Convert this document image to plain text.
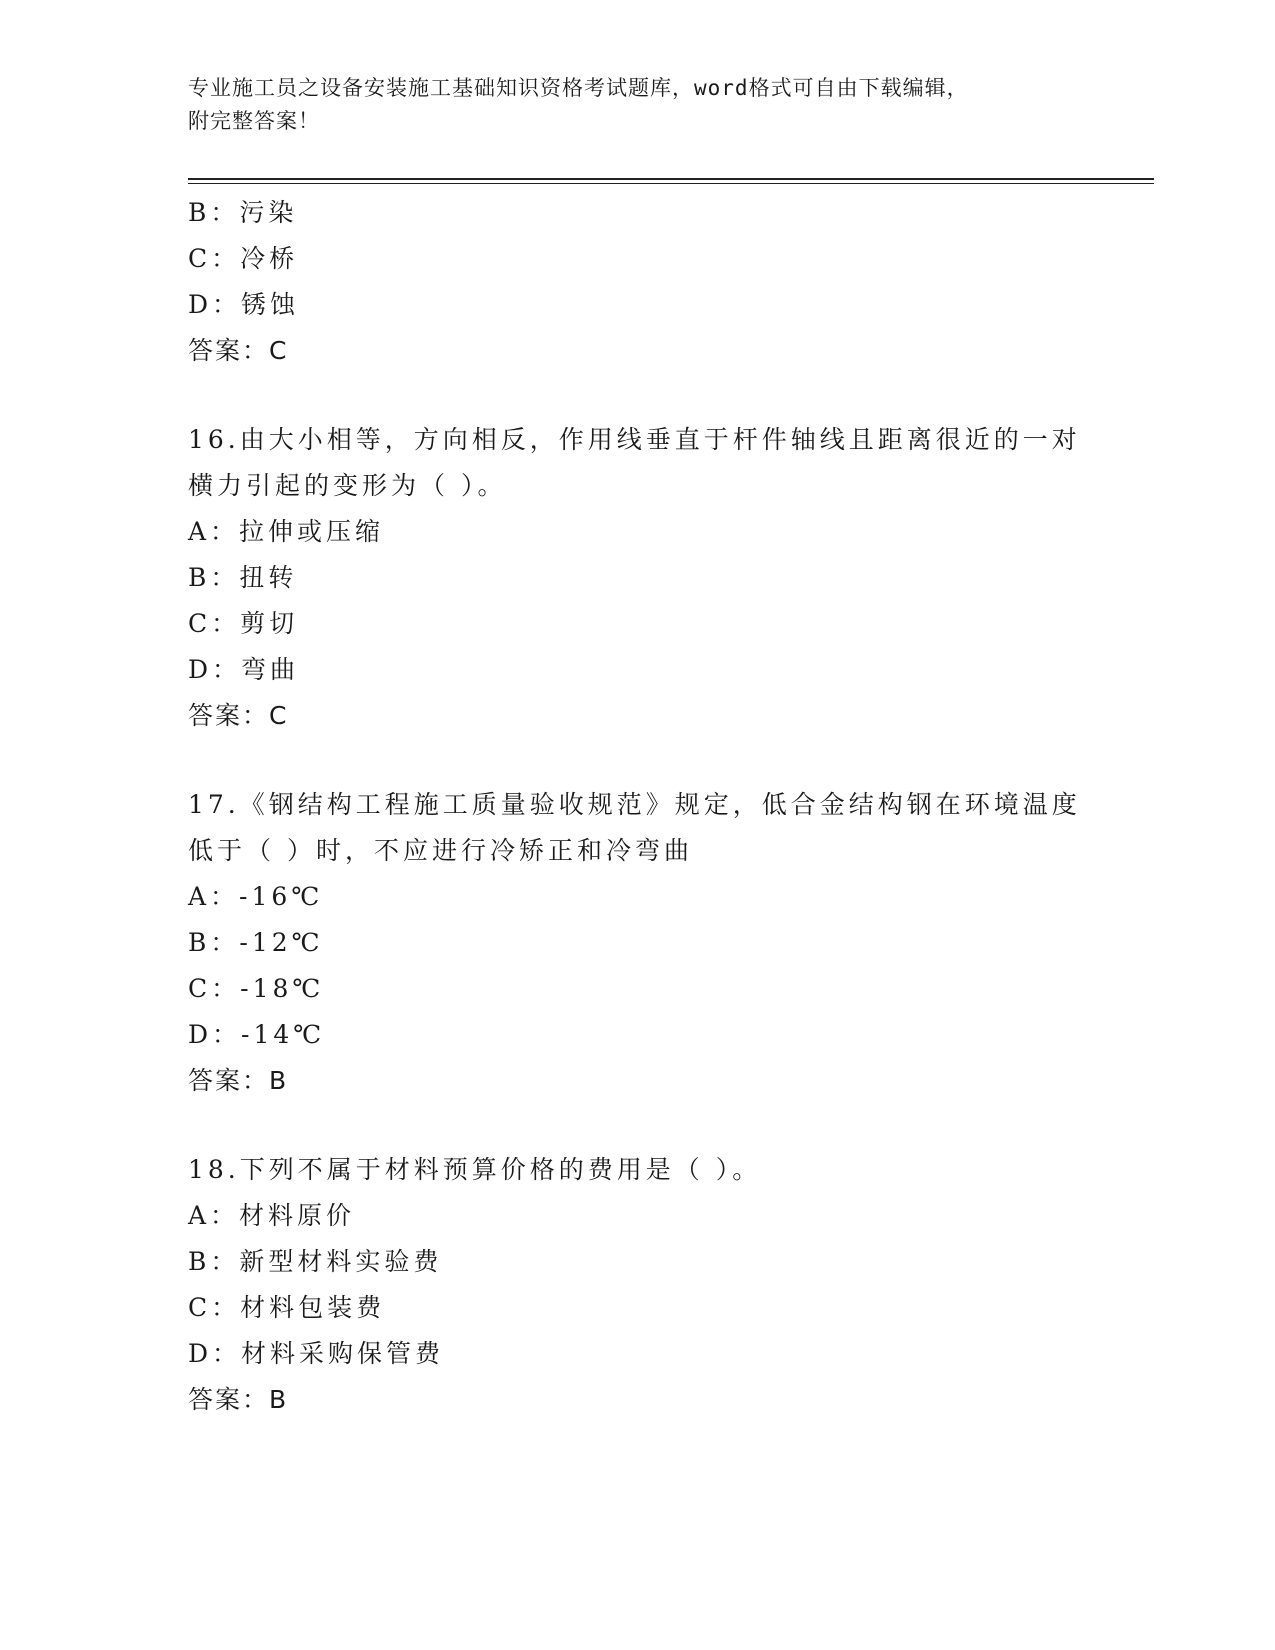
专业施工员之设备安装施工基础知识资格考试题库，word格式可自由下载编辑，
附完整答案！
B：污染
C：冷桥
D：锈蚀
答案：C
16.由大小相等，方向相反，作用线垂直于杆件轴线且距离很近的一对
横力引起的变形为（ ）。
A：拉伸或压缩
B：扭转
C：剪切
D：弯曲
答案：C
17.《钢结构工程施工质量验收规范》规定，低合金结构钢在环境温度
低于（ ）时，不应进行冷矫正和冷弯曲
A：-16℃
B：-12℃
C：-18℃
D：-14℃
答案：B
18.下列不属于材料预算价格的费用是（ ）。
A：材料原价
B：新型材料实验费
C：材料包装费
D：材料采购保管费
答案：B
